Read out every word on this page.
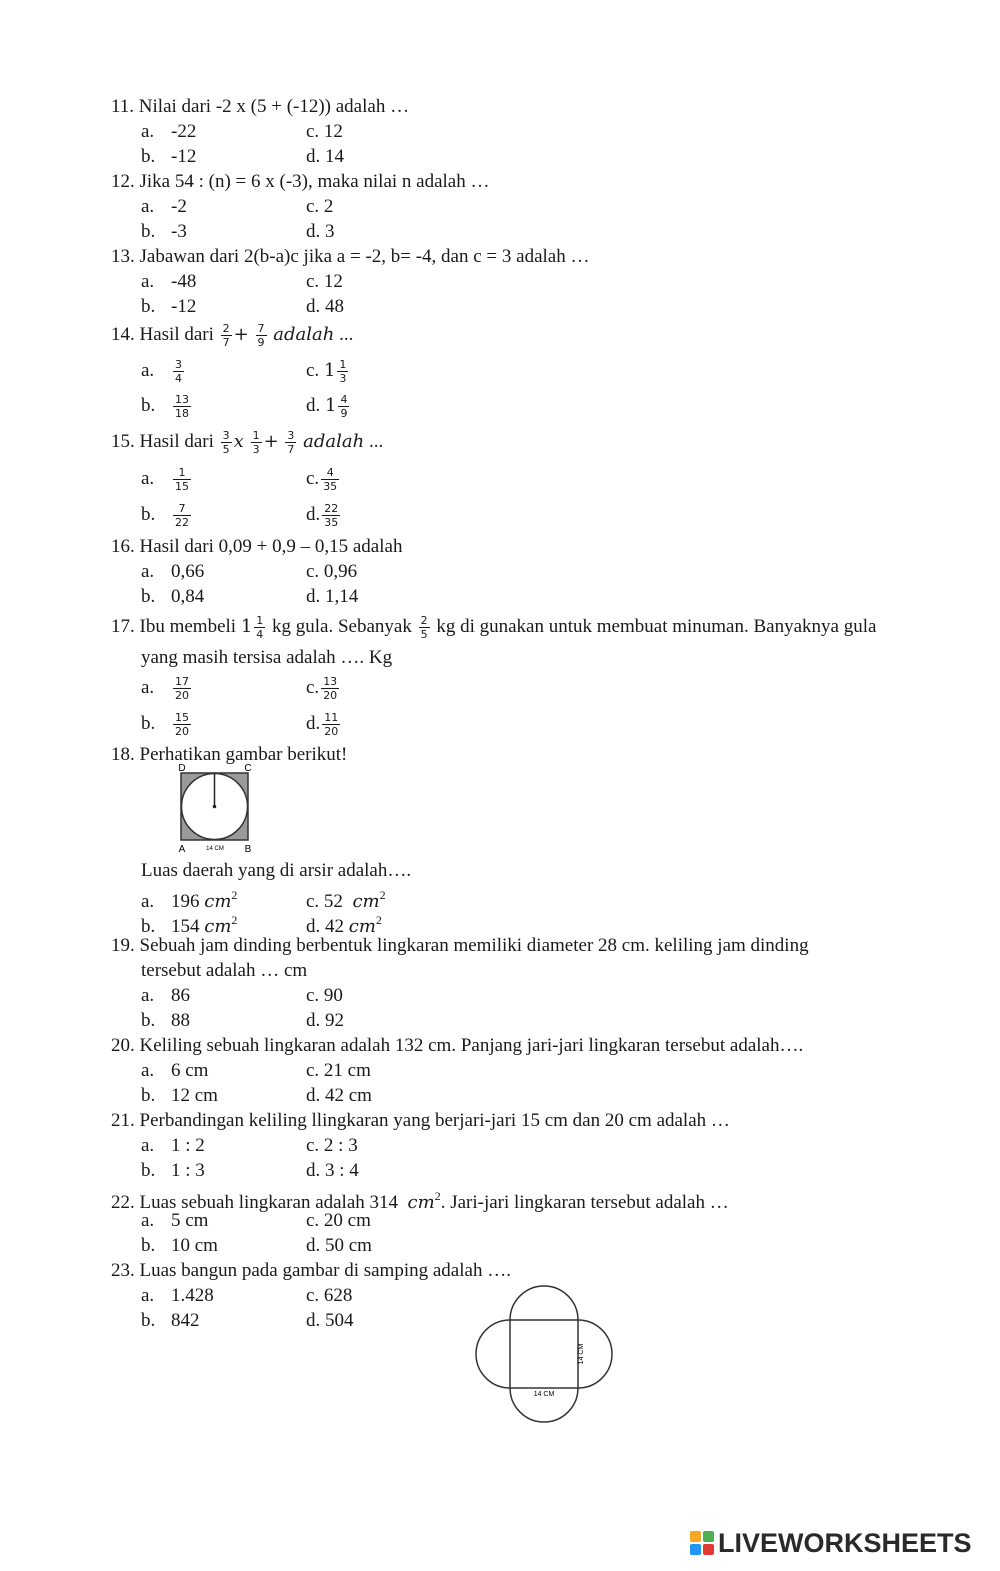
11. Nilai dari -2 x (5 + (-12)) adalah …
a. -22	c. 12
b. -12	d. 14
12. Jika 54 : (n) = 6 x (-3), maka nilai n adalah …
a. -2	c. 2
b. -3	d. 3
13. Jabawan dari 2(b-a)c jika a = -2, b= -4, dan c = 3 adalah …
a. -48	c. 12
b. -12	d. 48
14. Hasil dari $\frac{2}{7} + \frac{7}{9}$ adalah ...
a. $\frac{3}{4}$	c. $1 \frac{1}{3}$
b. $\frac{13}{18}$	d. $1 \frac{4}{9}$
15. Hasil dari $\frac{3}{5}$ x $\frac{1}{3} + \frac{3}{7}$ adalah ...
a. $\frac{1}{15}$	c. $\frac{4}{35}$
b. $\frac{7}{22}$	d. $\frac{22}{35}$
16. Hasil dari 0,09 + 0,9 – 0,15 adalah
a. 0,66	c. 0,96
b. 0,84	d. 1,14
17. Ibu membeli $1 \frac{1}{4}$ kg gula. Sebanyak $\frac{2}{5}$ kg di gunakan untuk membuat minuman. Banyaknya gula
yang masih tersisa adalah …. Kg
a. $\frac{17}{20}$	c. $\frac{13}{20}$
b. $\frac{15}{20}$	d. $\frac{11}{20}$
18. Perhatikan gambar berikut!
D	C
A	B
14 CM
Luas daerah yang di arsir adalah….
a. 196 $cm^2$	c. 52 $cm^2$
b. 154 $cm^2$	d. 42 $cm^2$
19. Sebuah jam dinding berbentuk lingkaran memiliki diameter 28 cm. keliling jam dinding
tersebut adalah … cm
a. 86	c. 90
b. 88	d. 92
20. Keliling sebuah lingkaran adalah 132 cm. Panjang jari-jari lingkaran tersebut adalah….
a. 6 cm	c. 21 cm
b. 12 cm	d. 42 cm
21. Perbandingan keliling llingkaran yang berjari-jari 15 cm dan 20 cm adalah …
a. 1 : 2	c. 2 : 3
b. 1 : 3	d. 3 : 4
22. Luas sebuah lingkaran adalah 314 $cm^2$. Jari-jari lingkaran tersebut adalah …
a. 5 cm	c. 20 cm
b. 10 cm	d. 50 cm
23. Luas bangun pada gambar di samping adalah ….
a. 1.428	c. 628
b. 842	d. 504
14 CM
14 CM
LIVEWORKSHEETS
